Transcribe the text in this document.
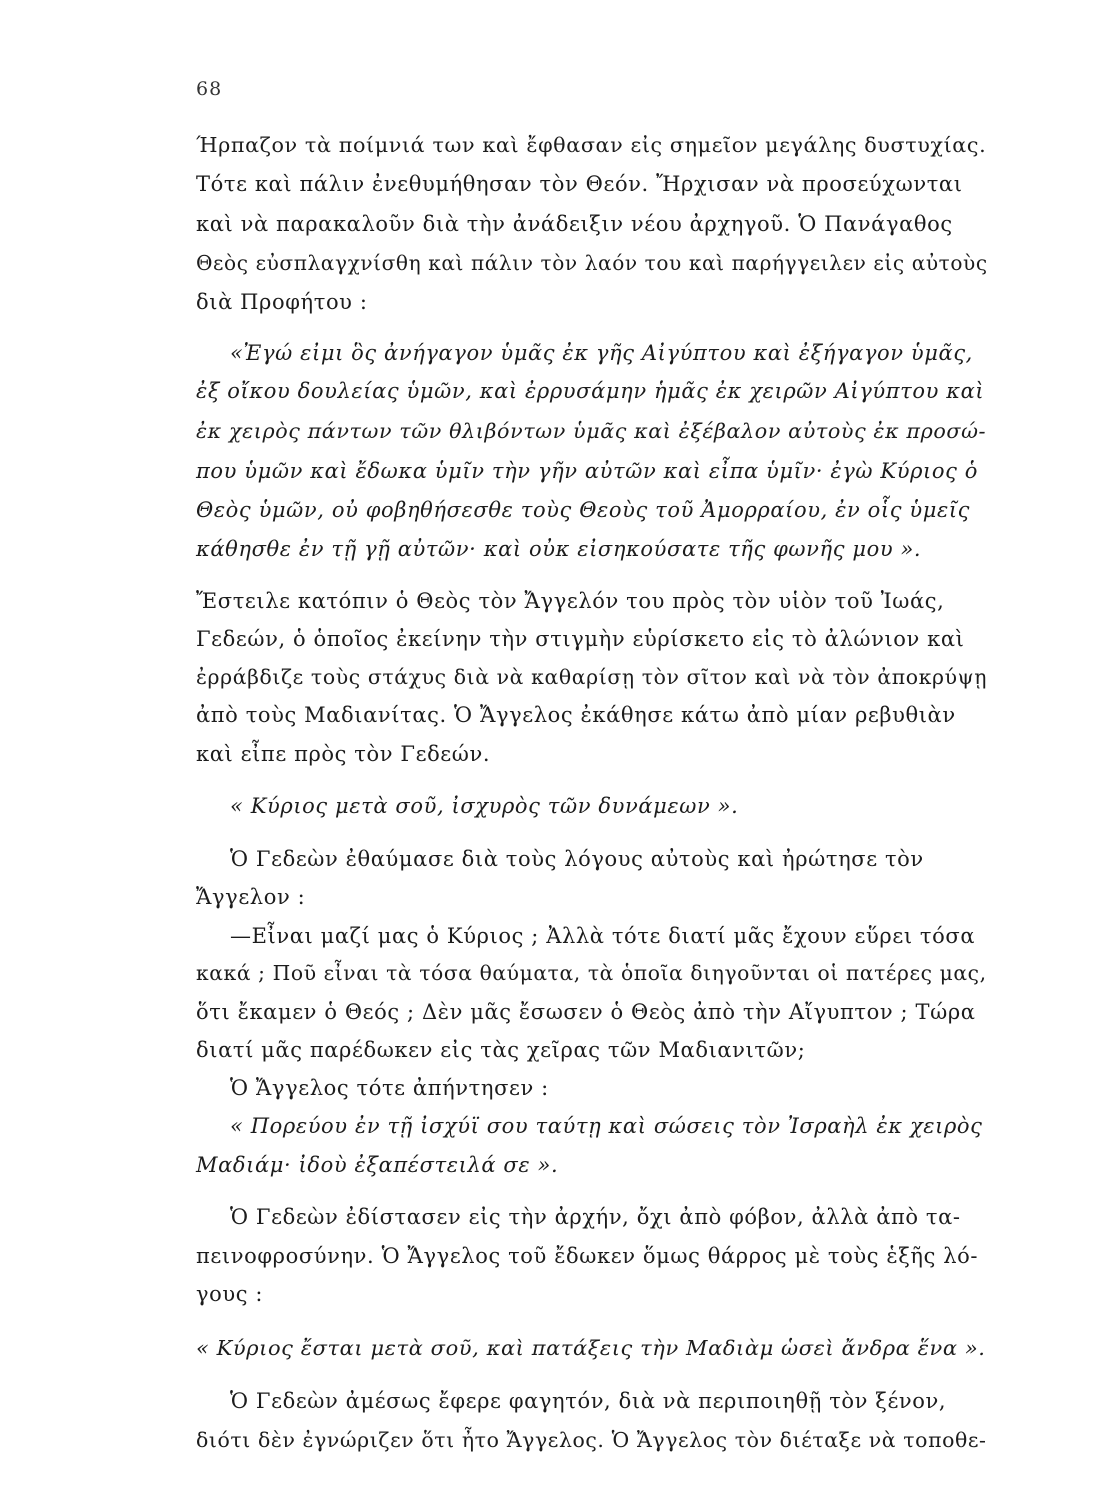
68
Ήρπαζον τὰ ποίμνιά των καὶ ἔφθασαν εἰς σημεῖον μεγάλης δυστυχίας.
Τότε καὶ πάλιν ἐνεθυμήθησαν τὸν Θεόν. Ἤρχισαν νὰ προσεύχωνται
καὶ νὰ παρακαλοῦν διὰ τὴν ἀνάδειξιν νέου ἀρχηγοῦ. Ὁ Πανάγαθος
Θεὸς εὐσπλαγχνίσθη καὶ πάλιν τὸν λαόν του καὶ παρήγγειλεν εἰς αὐτοὺς
διὰ Προφήτου :
«Ἐγώ εἰμι ὃς ἀνήγαγον ὑμᾶς ἐκ γῆς Αἰγύπτου καὶ ἐξήγαγον ὑμᾶς,
ἐξ οἴκου δουλείας ὑμῶν, καὶ ἐρρυσάμην ἡμᾶς ἐκ χειρῶν Αἰγύπτου καὶ
ἐκ χειρὸς πάντων τῶν θλιβόντων ὑμᾶς καὶ ἐξέβαλον αὐτοὺς ἐκ προσώ-
που ὑμῶν καὶ ἔδωκα ὑμῖν τὴν γῆν αὐτῶν καὶ εἶπα ὑμῖν· ἐγὼ Κύριος ὁ
Θεὸς ὑμῶν, οὐ φοβηθήσεσθε τοὺς Θεοὺς τοῦ Ἀμορραίου, ἐν οἷς ὑμεῖς
κάθησθε ἐν τῇ γῇ αὐτῶν· καὶ οὐκ εἰσηκούσατε τῆς φωνῆς μου ».
Ἔστειλε κατόπιν ὁ Θεὸς τὸν Ἄγγελόν του πρὸς τὸν υἱὸν τοῦ Ἰωάς,
Γεδεών, ὁ ὁποῖος ἐκείνην τὴν στιγμὴν εὑρίσκετο εἰς τὸ ἀλώνιον καὶ
ἐρράβδιζε τοὺς στάχυς διὰ νὰ καθαρίσῃ τὸν σῖτον καὶ νὰ τὸν ἀποκρύψῃ
ἀπὸ τοὺς Μαδιανίτας. Ὁ Ἄγγελος ἐκάθησε κάτω ἀπὸ μίαν ρεβυθιὰν
καὶ εἶπε πρὸς τὸν Γεδεών.
« Κύριος μετὰ σοῦ, ἰσχυρὸς τῶν δυνάμεων ».
Ὁ Γεδεὼν ἐθαύμασε διὰ τοὺς λόγους αὐτοὺς καὶ ἠρώτησε τὸν
Ἄγγελον :
—Εἶναι μαζί μας ὁ Κύριος ; Ἀλλὰ τότε διατί μᾶς ἔχουν εὕρει τόσα
κακά ; Ποῦ εἶναι τὰ τόσα θαύματα, τὰ ὁποῖα διηγοῦνται οἱ πατέρες μας,
ὅτι ἔκαμεν ὁ Θεός ; Δὲν μᾶς ἔσωσεν ὁ Θεὸς ἀπὸ τὴν Αἴγυπτον ; Τώρα
διατί μᾶς παρέδωκεν εἰς τὰς χεῖρας τῶν Μαδιανιτῶν;
Ὁ Ἄγγελος τότε ἀπήντησεν :
« Πορεύου ἐν τῇ ἰσχύϊ σου ταύτῃ καὶ σώσεις τὸν Ἰσραὴλ ἐκ χειρὸς
Μαδιάμ· ἰδοὺ ἐξαπέστειλά σε ».
Ὁ Γεδεὼν ἐδίστασεν εἰς τὴν ἀρχήν, ὄχι ἀπὸ φόβον, ἀλλὰ ἀπὸ τα-
πεινοφροσύνην. Ὁ Ἄγγελος τοῦ ἔδωκεν ὅμως θάρρος μὲ τοὺς ἑξῆς λό-
γους :
« Κύριος ἔσται μετὰ σοῦ, καὶ πατάξεις τὴν Μαδιὰμ ὡσεὶ ἄνδρα ἕνα ».
Ὁ Γεδεὼν ἀμέσως ἔφερε φαγητόν, διὰ νὰ περιποιηθῇ τὸν ξένον,
διότι δὲν ἐγνώριζεν ὅτι ἦτο Ἄγγελος. Ὁ Ἄγγελος τὸν διέταξε νὰ τοποθε-
